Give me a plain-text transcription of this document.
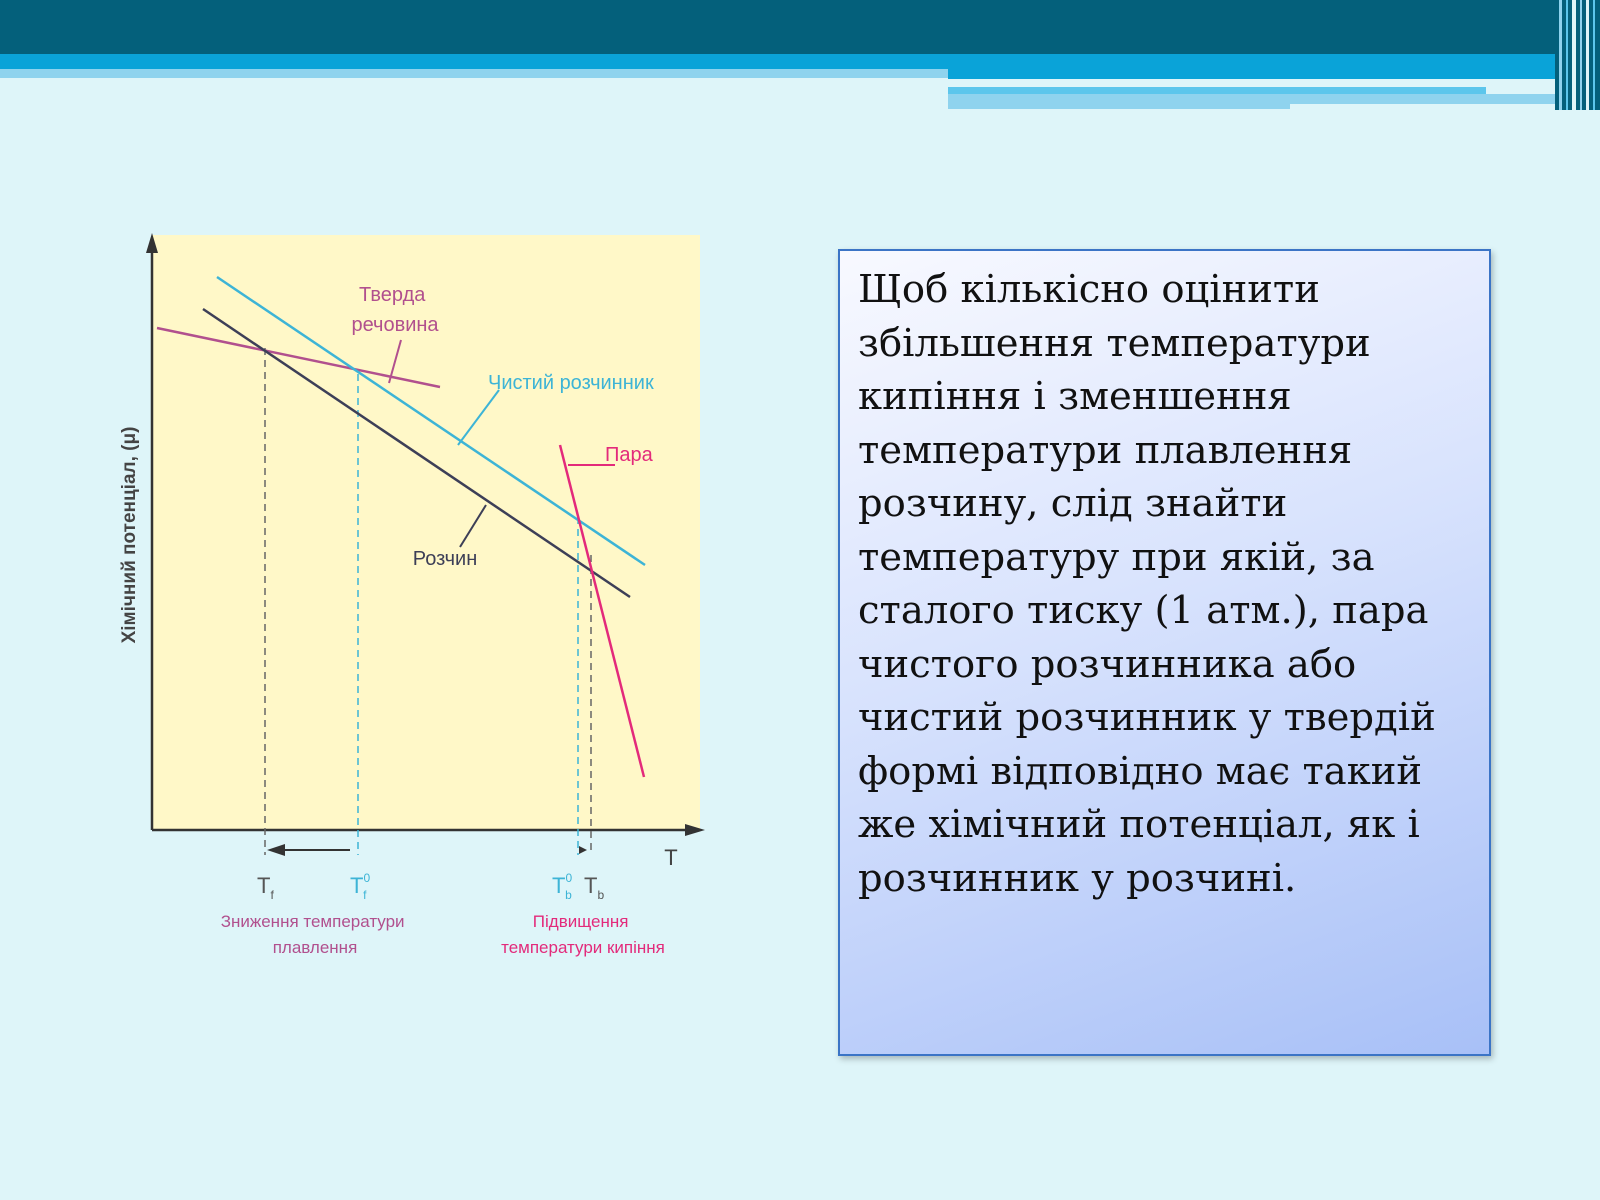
Хімічний потенціал, (μ)
T
Тверда речовина
Чистий розчинник
Пара
Розчин
$T_f$	$T^0$ f	$T^0$ b $T_b$
Зниження температури плавлення
Підвищення температури кипіння

Щоб кількісно оцінити збільшення температури кипіння і зменшення температури плавлення розчину, слід знайти температуру при якій, за сталого тиску (1 атм.), пара чистого розчинника або чистий розчинник у твердій формі відповідно має такий же хімічний потенціал, як і розчинник у розчині.
